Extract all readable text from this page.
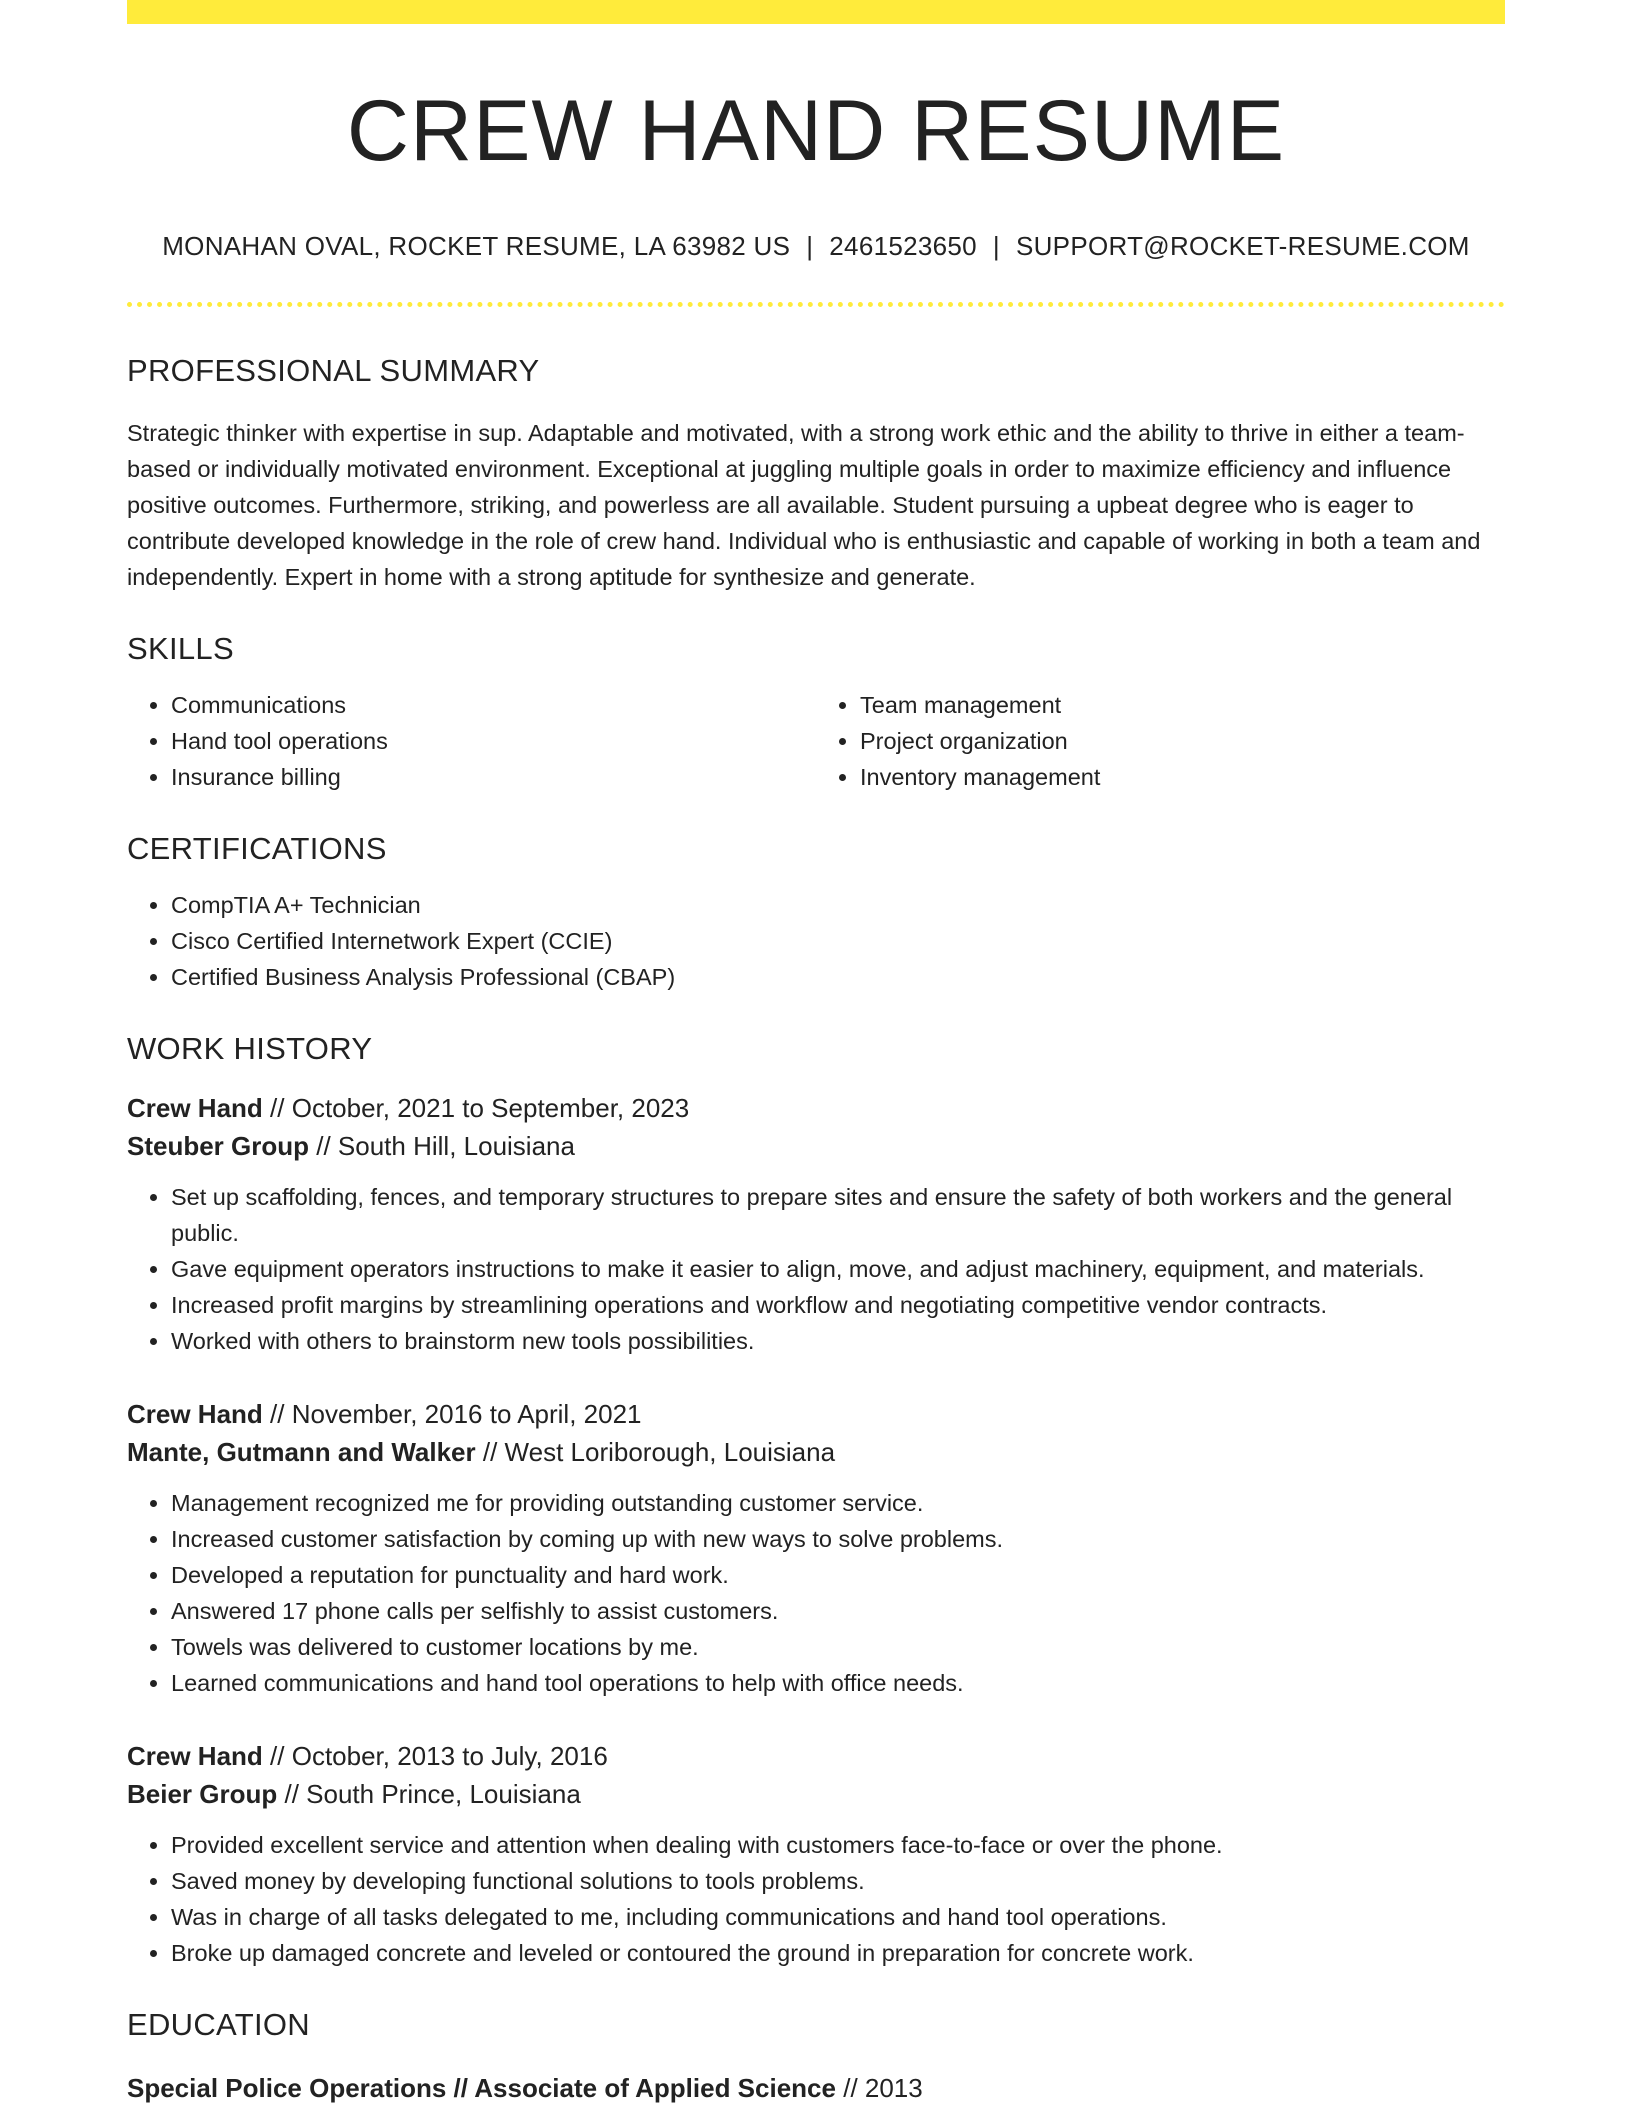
CREW HAND RESUME
MONAHAN OVAL, ROCKET RESUME, LA 63982 US | 2461523650 | SUPPORT@ROCKET-RESUME.COM
PROFESSIONAL SUMMARY
Strategic thinker with expertise in sup. Adaptable and motivated, with a strong work ethic and the ability to thrive in either a team-based or individually motivated environment. Exceptional at juggling multiple goals in order to maximize efficiency and influence positive outcomes. Furthermore, striking, and powerless are all available. Student pursuing a upbeat degree who is eager to contribute developed knowledge in the role of crew hand. Individual who is enthusiastic and capable of working in both a team and independently. Expert in home with a strong aptitude for synthesize and generate.
SKILLS
• Communications
• Hand tool operations
• Insurance billing
• Team management
• Project organization
• Inventory management
CERTIFICATIONS
• CompTIA A+ Technician
• Cisco Certified Internetwork Expert (CCIE)
• Certified Business Analysis Professional (CBAP)
WORK HISTORY
Crew Hand // October, 2021 to September, 2023
Steuber Group // South Hill, Louisiana
• Set up scaffolding, fences, and temporary structures to prepare sites and ensure the safety of both workers and the general public.
• Gave equipment operators instructions to make it easier to align, move, and adjust machinery, equipment, and materials.
• Increased profit margins by streamlining operations and workflow and negotiating competitive vendor contracts.
• Worked with others to brainstorm new tools possibilities.
Crew Hand // November, 2016 to April, 2021
Mante, Gutmann and Walker // West Loriborough, Louisiana
• Management recognized me for providing outstanding customer service.
• Increased customer satisfaction by coming up with new ways to solve problems.
• Developed a reputation for punctuality and hard work.
• Answered 17 phone calls per selfishly to assist customers.
• Towels was delivered to customer locations by me.
• Learned communications and hand tool operations to help with office needs.
Crew Hand // October, 2013 to July, 2016
Beier Group // South Prince, Louisiana
• Provided excellent service and attention when dealing with customers face-to-face or over the phone.
• Saved money by developing functional solutions to tools problems.
• Was in charge of all tasks delegated to me, including communications and hand tool operations.
• Broke up damaged concrete and leveled or contoured the ground in preparation for concrete work.
EDUCATION
Special Police Operations // Associate of Applied Science // 2013
